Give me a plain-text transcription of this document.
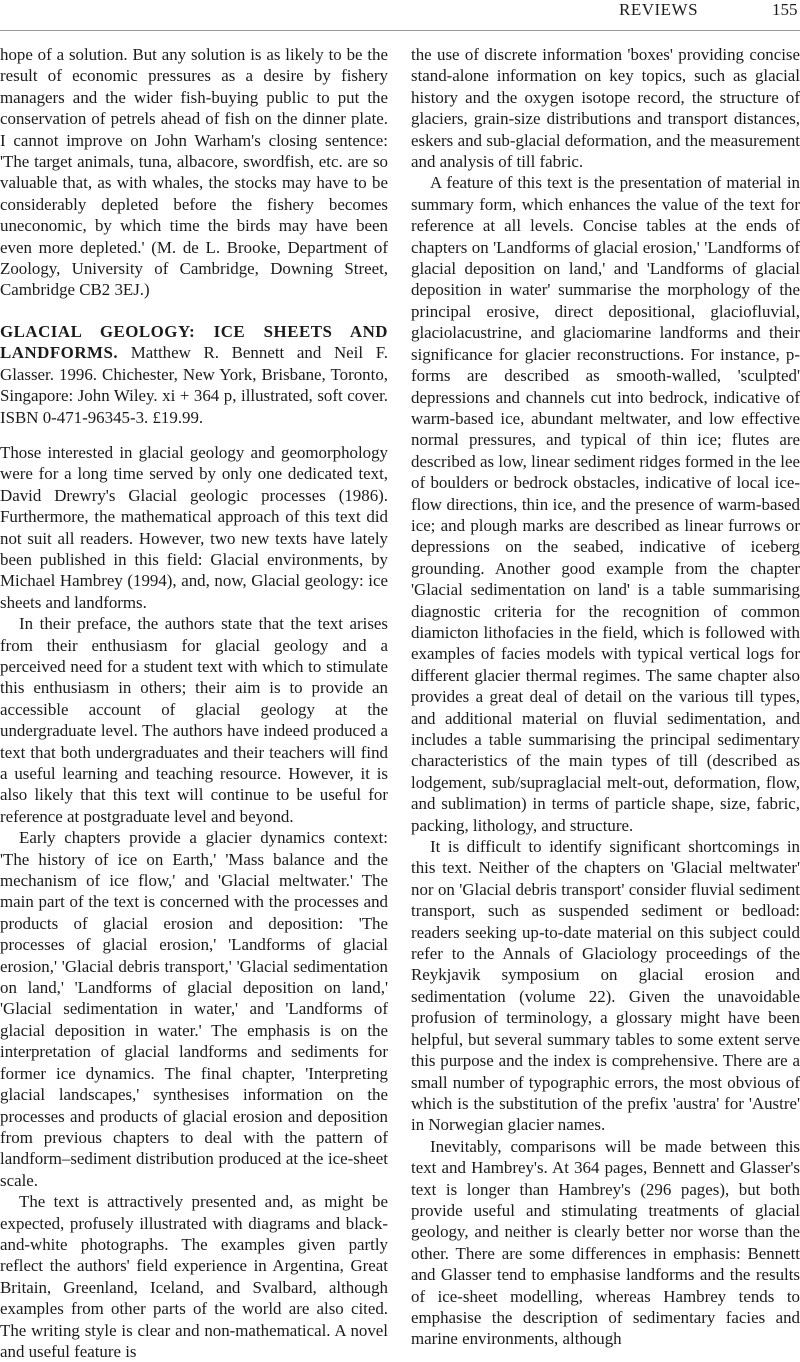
REVIEWS	155

hope of a solution. But any solution is as likely to be the result of economic pressures as a desire by fishery managers and the wider fish-buying public to put the conservation of petrels ahead of fish on the dinner plate. I cannot improve on John Warham's closing sentence: 'The target animals, tuna, albacore, swordfish, etc. are so valuable that, as with whales, the stocks may have to be considerably depleted before the fishery becomes uneconomic, by which time the birds may have been even more depleted.' (M. de L. Brooke, Department of Zoology, University of Cambridge, Downing Street, Cambridge CB2 3EJ.)

GLACIAL GEOLOGY: ICE SHEETS AND LANDFORMS. Matthew R. Bennett and Neil F. Glasser. 1996. Chichester, New York, Brisbane, Toronto, Singapore: John Wiley. xi + 364 p, illustrated, soft cover. ISBN 0-471-96345-3. £19.99.

Those interested in glacial geology and geomorphology were for a long time served by only one dedicated text, David Drewry's Glacial geologic processes (1986). Furthermore, the mathematical approach of this text did not suit all readers. However, two new texts have lately been published in this field: Glacial environments, by Michael Hambrey (1994), and, now, Glacial geology: ice sheets and landforms.

In their preface, the authors state that the text arises from their enthusiasm for glacial geology and a perceived need for a student text with which to stimulate this enthusiasm in others; their aim is to provide an accessible account of glacial geology at the undergraduate level. The authors have indeed produced a text that both undergraduates and their teachers will find a useful learning and teaching resource. However, it is also likely that this text will continue to be useful for reference at postgraduate level and beyond.

Early chapters provide a glacier dynamics context: 'The history of ice on Earth,' 'Mass balance and the mechanism of ice flow,' and 'Glacial meltwater.' The main part of the text is concerned with the processes and products of glacial erosion and deposition: 'The processes of glacial erosion,' 'Landforms of glacial erosion,' 'Glacial debris transport,' 'Glacial sedimentation on land,' 'Landforms of glacial deposition on land,' 'Glacial sedimentation in water,' and 'Landforms of glacial deposition in water.' The emphasis is on the interpretation of glacial landforms and sediments for former ice dynamics. The final chapter, 'Interpreting glacial landscapes,' synthesises information on the processes and products of glacial erosion and deposition from previous chapters to deal with the pattern of landform–sediment distribution produced at the ice-sheet scale.

The text is attractively presented and, as might be expected, profusely illustrated with diagrams and black-and-white photographs. The examples given partly reflect the authors' field experience in Argentina, Great Britain, Greenland, Iceland, and Svalbard, although examples from other parts of the world are also cited. The writing style is clear and non-mathematical. A novel and useful feature is

the use of discrete information 'boxes' providing concise stand-alone information on key topics, such as glacial history and the oxygen isotope record, the structure of glaciers, grain-size distributions and transport distances, eskers and sub-glacial deformation, and the measurement and analysis of till fabric.

A feature of this text is the presentation of material in summary form, which enhances the value of the text for reference at all levels. Concise tables at the ends of chapters on 'Landforms of glacial erosion,' 'Landforms of glacial deposition on land,' and 'Landforms of glacial deposition in water' summarise the morphology of the principal erosive, direct depositional, glaciofluvial, glaciolacustrine, and glaciomarine landforms and their significance for glacier reconstructions. For instance, p-forms are described as smooth-walled, 'sculpted' depressions and channels cut into bedrock, indicative of warm-based ice, abundant meltwater, and low effective normal pressures, and typical of thin ice; flutes are described as low, linear sediment ridges formed in the lee of boulders or bedrock obstacles, indicative of local ice-flow directions, thin ice, and the presence of warm-based ice; and plough marks are described as linear furrows or depressions on the seabed, indicative of iceberg grounding. Another good example from the chapter 'Glacial sedimentation on land' is a table summarising diagnostic criteria for the recognition of common diamicton lithofacies in the field, which is followed with examples of facies models with typical vertical logs for different glacier thermal regimes. The same chapter also provides a great deal of detail on the various till types, and additional material on fluvial sedimentation, and includes a table summarising the principal sedimentary characteristics of the main types of till (described as lodgement, sub/supraglacial melt-out, deformation, flow, and sublimation) in terms of particle shape, size, fabric, packing, lithology, and structure.

It is difficult to identify significant shortcomings in this text. Neither of the chapters on 'Glacial meltwater' nor on 'Glacial debris transport' consider fluvial sediment transport, such as suspended sediment or bedload: readers seeking up-to-date material on this subject could refer to the Annals of Glaciology proceedings of the Reykjavik symposium on glacial erosion and sedimentation (volume 22). Given the unavoidable profusion of terminology, a glossary might have been helpful, but several summary tables to some extent serve this purpose and the index is comprehensive. There are a small number of typographic errors, the most obvious of which is the substitution of the prefix 'austra' for 'Austre' in Norwegian glacier names.

Inevitably, comparisons will be made between this text and Hambrey's. At 364 pages, Bennett and Glasser's text is longer than Hambrey's (296 pages), but both provide useful and stimulating treatments of glacial geology, and neither is clearly better nor worse than the other. There are some differences in emphasis: Bennett and Glasser tend to emphasise landforms and the results of ice-sheet modelling, whereas Hambrey tends to emphasise the description of sedimentary facies and marine environments, although
